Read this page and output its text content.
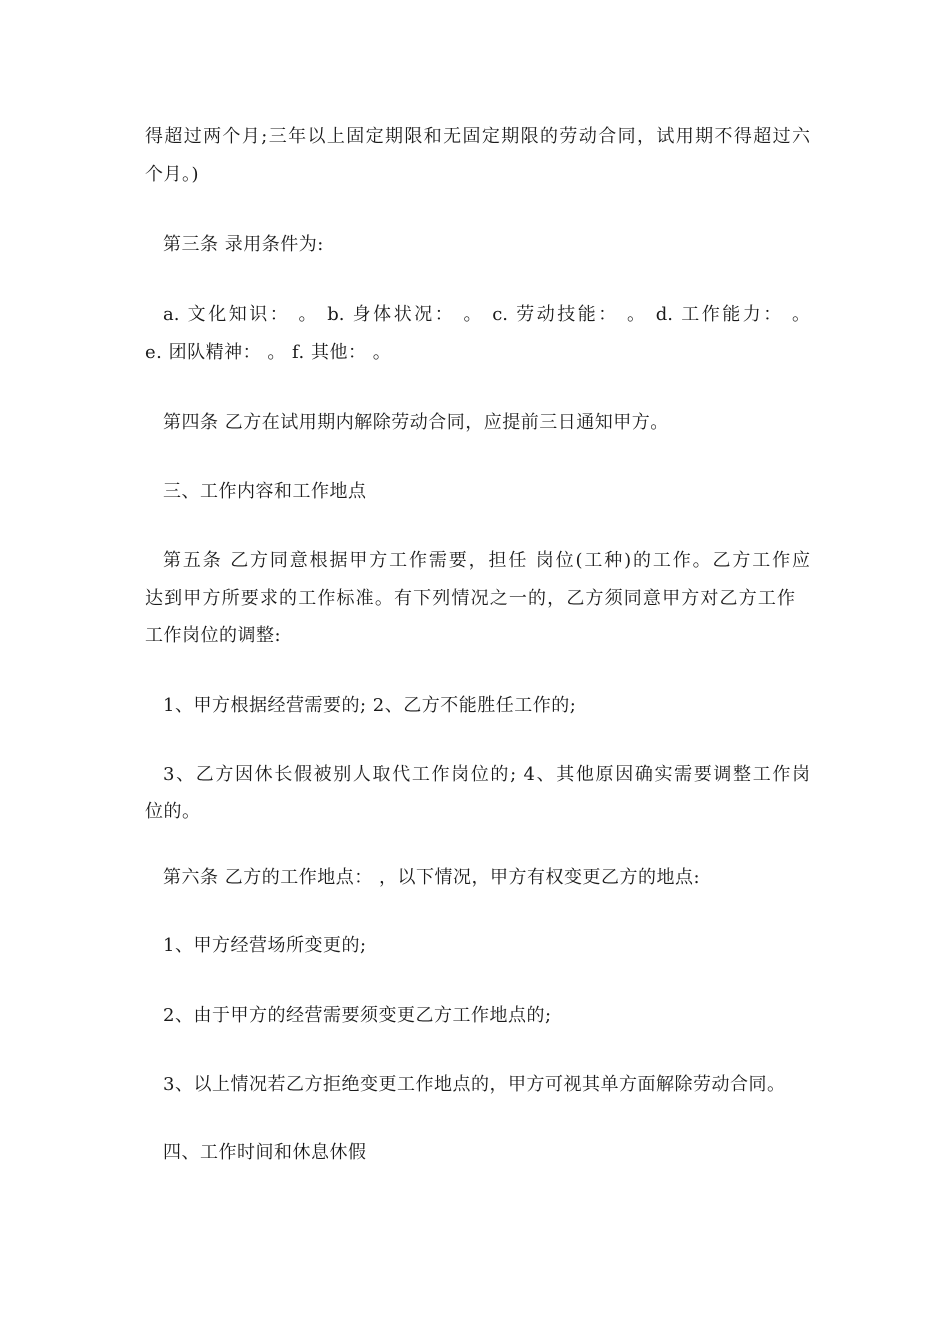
得超过两个月;三年以上固定期限和无固定期限的劳动合同，试用期不得超过六
个月。)
第三条 录用条件为:
a. 文化知识： 。 b. 身体状况： 。 c. 劳动技能： 。 d. 工作能力： 。
e. 团队精神： 。 f. 其他： 。
第四条 乙方在试用期内解除劳动合同，应提前三日通知甲方。
三、工作内容和工作地点
第五条 乙方同意根据甲方工作需要，担任 岗位(工种)的工作。乙方工作应
达到甲方所要求的工作标准。有下列情况之一的，乙方须同意甲方对乙方工作
工作岗位的调整:
1、甲方根据经营需要的; 2、乙方不能胜任工作的;
3、乙方因休长假被别人取代工作岗位的; 4、其他原因确实需要调整工作岗
位的。
第六条 乙方的工作地点： ，以下情况，甲方有权变更乙方的地点:
1、甲方经营场所变更的;
2、由于甲方的经营需要须变更乙方工作地点的;
3、以上情况若乙方拒绝变更工作地点的，甲方可视其单方面解除劳动合同。
四、工作时间和休息休假
